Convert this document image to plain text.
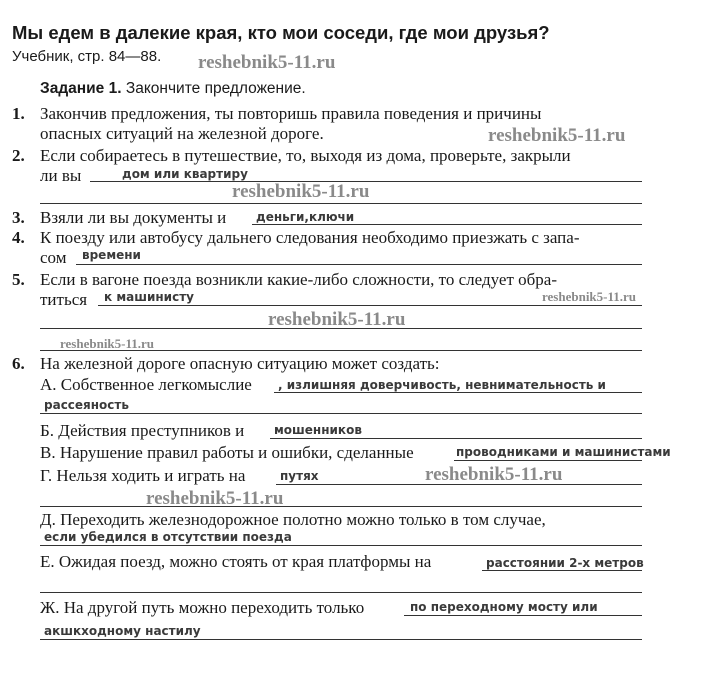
Мы едем в далекие края, кто мои соседи, где мои друзья?
Учебник, стр. 84—88. reshebnik5-11.ru
Задание 1. Закончите предложение.
1. Закончив предложения, ты повторишь правила поведения и причины
опасных ситуаций на железной дороге.	reshebnik5-11.ru
2. Если собираетесь в путешествие, то, выходя из дома, проверьте, закрыли
ли вы	дом или квартиру
reshebnik5-11.ru
3. Взяли ли вы документы и деньги,ключи
4. К поезду или автобусу дальнего следования необходимо приезжать с запа-
сом времени
5. Если в вагоне поезда возникли какие-либо сложности, то следует обра-
титься к машинисту	reshebnik5-11.ru
reshebnik5-11.ru
reshebnik5-11.ru
6. На железной дороге опасную ситуацию может создать:
А. Собственное легкомыслие , излишняя доверчивость, невнимательность и
рассеяность
Б. Действия преступников и мошенников
В. Нарушение правил работы и ошибки, сделанные	проводниками и машинистами
Г. Нельзя ходить и играть на	путях	reshebnik5-11.ru
reshebnik5-11.ru
Д. Переходить железнодорожное полотно можно только в том случае,
если убедился в отсутствии поезда
Е. Ожидая поезд, можно стоять от края платформы на	расстоянии 2-х метров
Ж. На другой путь можно переходить только	по переходному мосту или
акшкходному настилу
